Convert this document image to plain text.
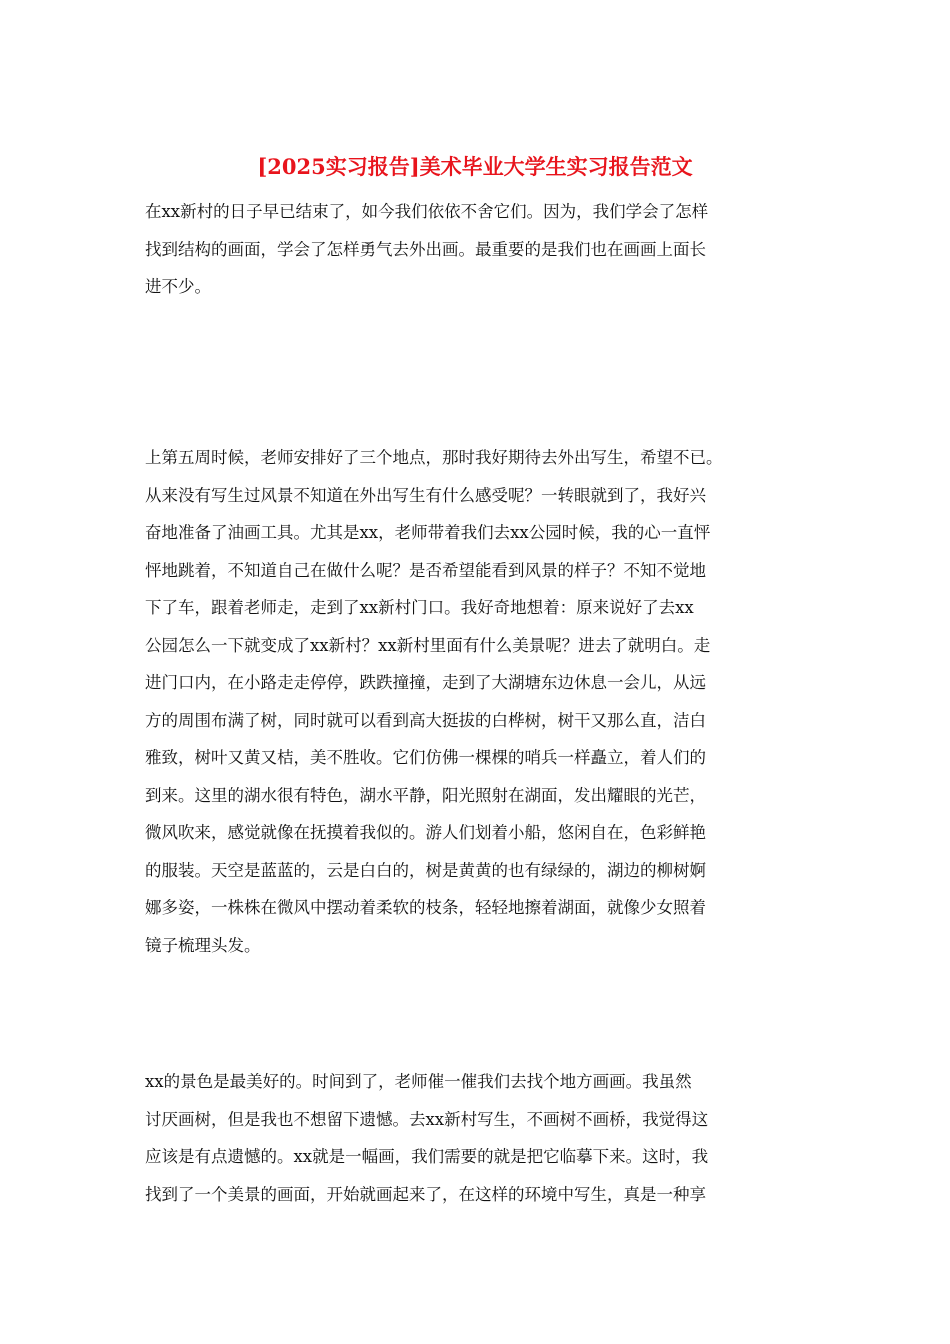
[2025实习报告]美术毕业大学生实习报告范文
在xx新村的日子早已结束了，如今我们依依不舍它们。因为，我们学会了怎样
找到结构的画面，学会了怎样勇气去外出画。最重要的是我们也在画画上面长
进不少。
上第五周时候，老师安排好了三个地点，那时我好期待去外出写生，希望不已。
从来没有写生过风景不知道在外出写生有什么感受呢？一转眼就到了，我好兴
奋地准备了油画工具。尤其是xx，老师带着我们去xx公园时候，我的心一直怦
怦地跳着，不知道自己在做什么呢？是否希望能看到风景的样子？不知不觉地
下了车，跟着老师走，走到了xx新村门口。我好奇地想着：原来说好了去xx
公园怎么一下就变成了xx新村？xx新村里面有什么美景呢？进去了就明白。走
进门口内，在小路走走停停，跌跌撞撞，走到了大湖塘东边休息一会儿，从远
方的周围布满了树，同时就可以看到高大挺拔的白桦树，树干又那么直，洁白
雅致，树叶又黄又桔，美不胜收。它们仿佛一棵棵的哨兵一样矗立，着人们的
到来。这里的湖水很有特色，湖水平静，阳光照射在湖面，发出耀眼的光芒，
微风吹来，感觉就像在抚摸着我似的。游人们划着小船，悠闲自在，色彩鲜艳
的服装。天空是蓝蓝的，云是白白的，树是黄黄的也有绿绿的，湖边的柳树婀
娜多姿，一株株在微风中摆动着柔软的枝条，轻轻地擦着湖面，就像少女照着
镜子梳理头发。
xx的景色是最美好的。时间到了，老师催一催我们去找个地方画画。我虽然
讨厌画树，但是我也不想留下遗憾。去xx新村写生，不画树不画桥，我觉得这
应该是有点遗憾的。xx就是一幅画，我们需要的就是把它临摹下来。这时，我
找到了一个美景的画面，开始就画起来了，在这样的环境中写生，真是一种享
